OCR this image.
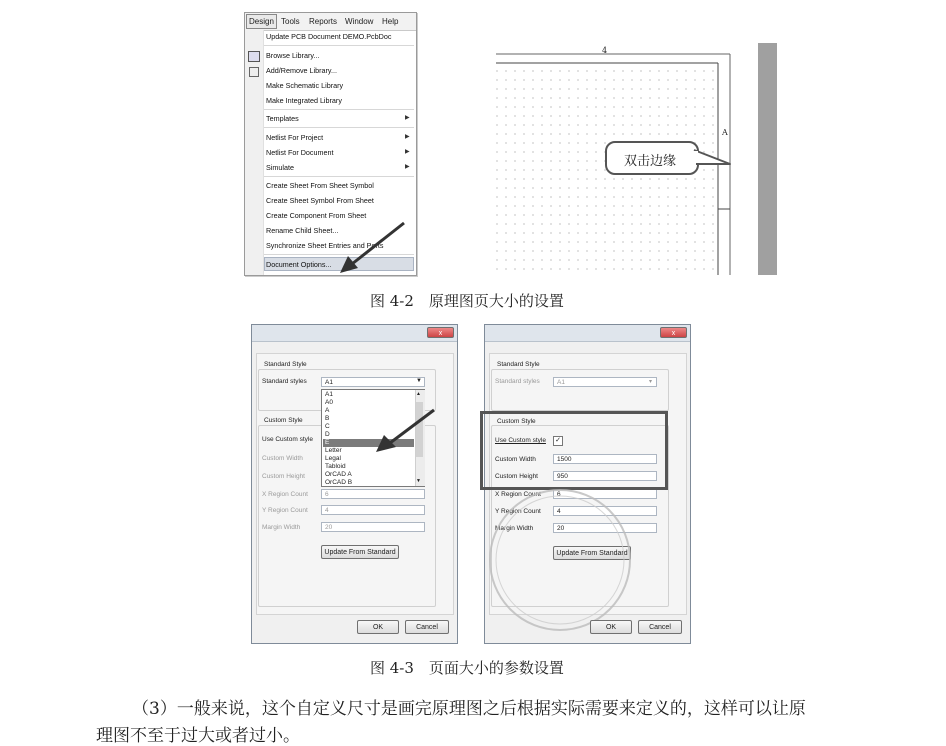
Design Tools Reports Window Help
Update PCB Document DEMO.PcbDoc
Browse Library...
Add/Remove Library...
Make Schematic Library
Make Integrated Library
Templates	▶
Netlist For Project	▶
Netlist For Document	▶
Simulate	▶
Create Sheet From Sheet Symbol
Create Sheet Symbol From Sheet
Create Component From Sheet
Rename Child Sheet...
Synchronize Sheet Entries and Ports
Document Options...
4
A
双击边缘
图 4-2　原理图页大小的设置
x
Standard Style
Standard styles	A1	▼
Custom Style
Use Custom style
Custom Width
Custom Height
X Region Count	6
Y Region Count	4
Margin Width	20
Update From Standard
▲
▼
A1
A0
A
B
C
D
E
Letter
Legal
Tabloid
OrCAD A
OrCAD B
OK	Cancel
x
Standard Style
Standard styles	A1	▾
Custom Style
Use Custom style ✓
Custom Width	1500
Custom Height	950
X Region Count	6
Y Region Count	4
Margin Width	20
Update From Standard
OK	Cancel
图 4-3　页面大小的参数设置
（3）一般来说，这个自定义尺寸是画完原理图之后根据实际需要来定义的，这样可以让原
理图不至于过大或者过小。
